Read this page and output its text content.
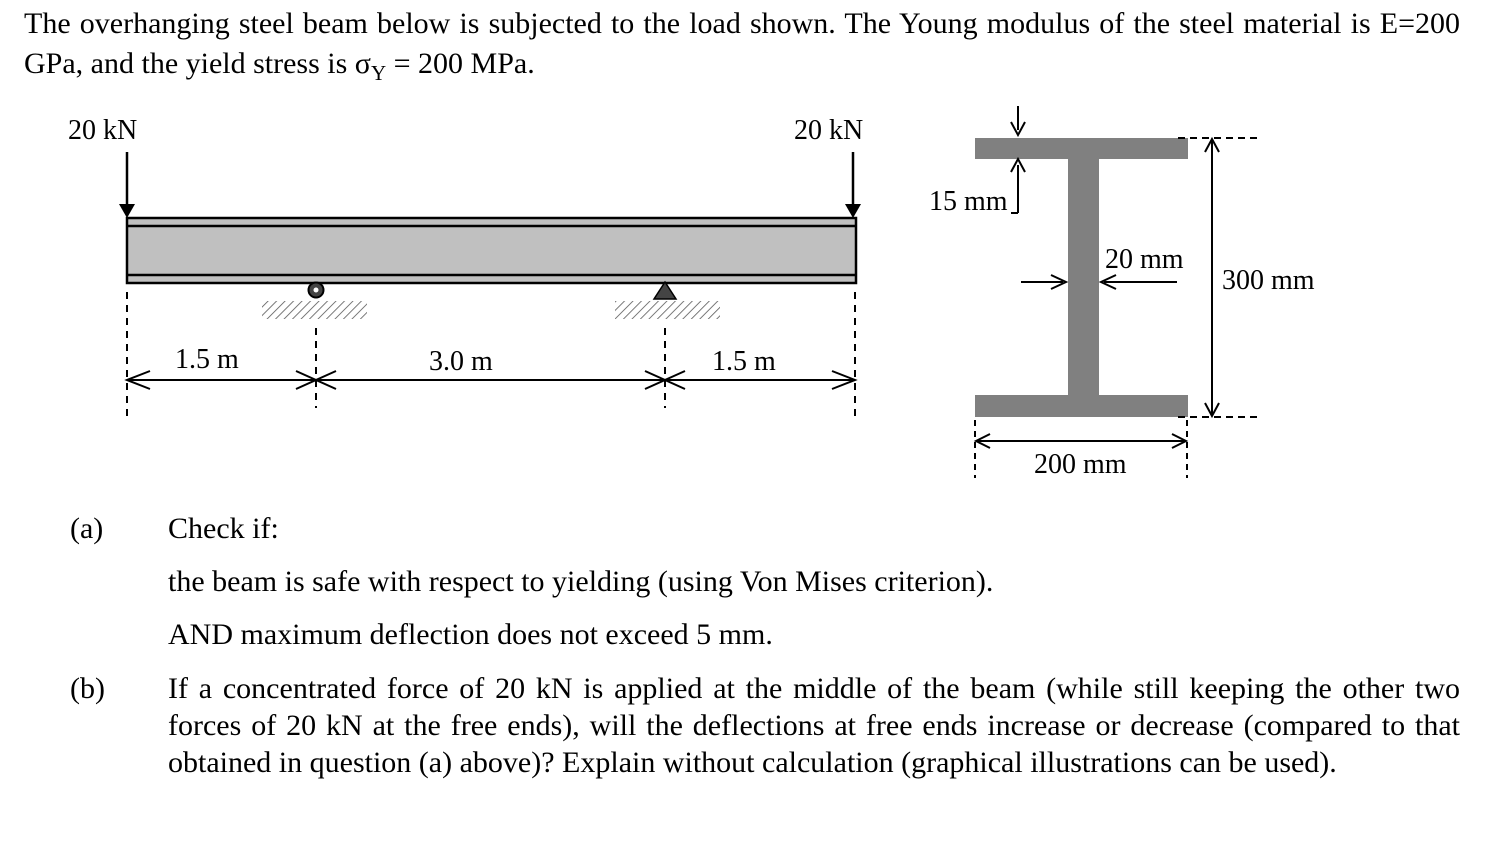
The overhanging steel beam below is subjected to the load shown. The Young modulus of the steel material is E=200 GPa, and the yield stress is $\sigma_Y = 200$ MPa.
20 kN	20 kN
1.5 m	3.0 m	1.5 m
15 mm
20 mm
300 mm
200 mm
(a) Check if:
the beam is safe with respect to yielding (using Von Mises criterion).
AND maximum deflection does not exceed 5 mm.
(b) If a concentrated force of 20 kN is applied at the middle of the beam (while still keeping the other two forces of 20 kN at the free ends), will the deflections at free ends increase or decrease (compared to that obtained in question (a) above)? Explain without calculation (graphical illustrations can be used).
